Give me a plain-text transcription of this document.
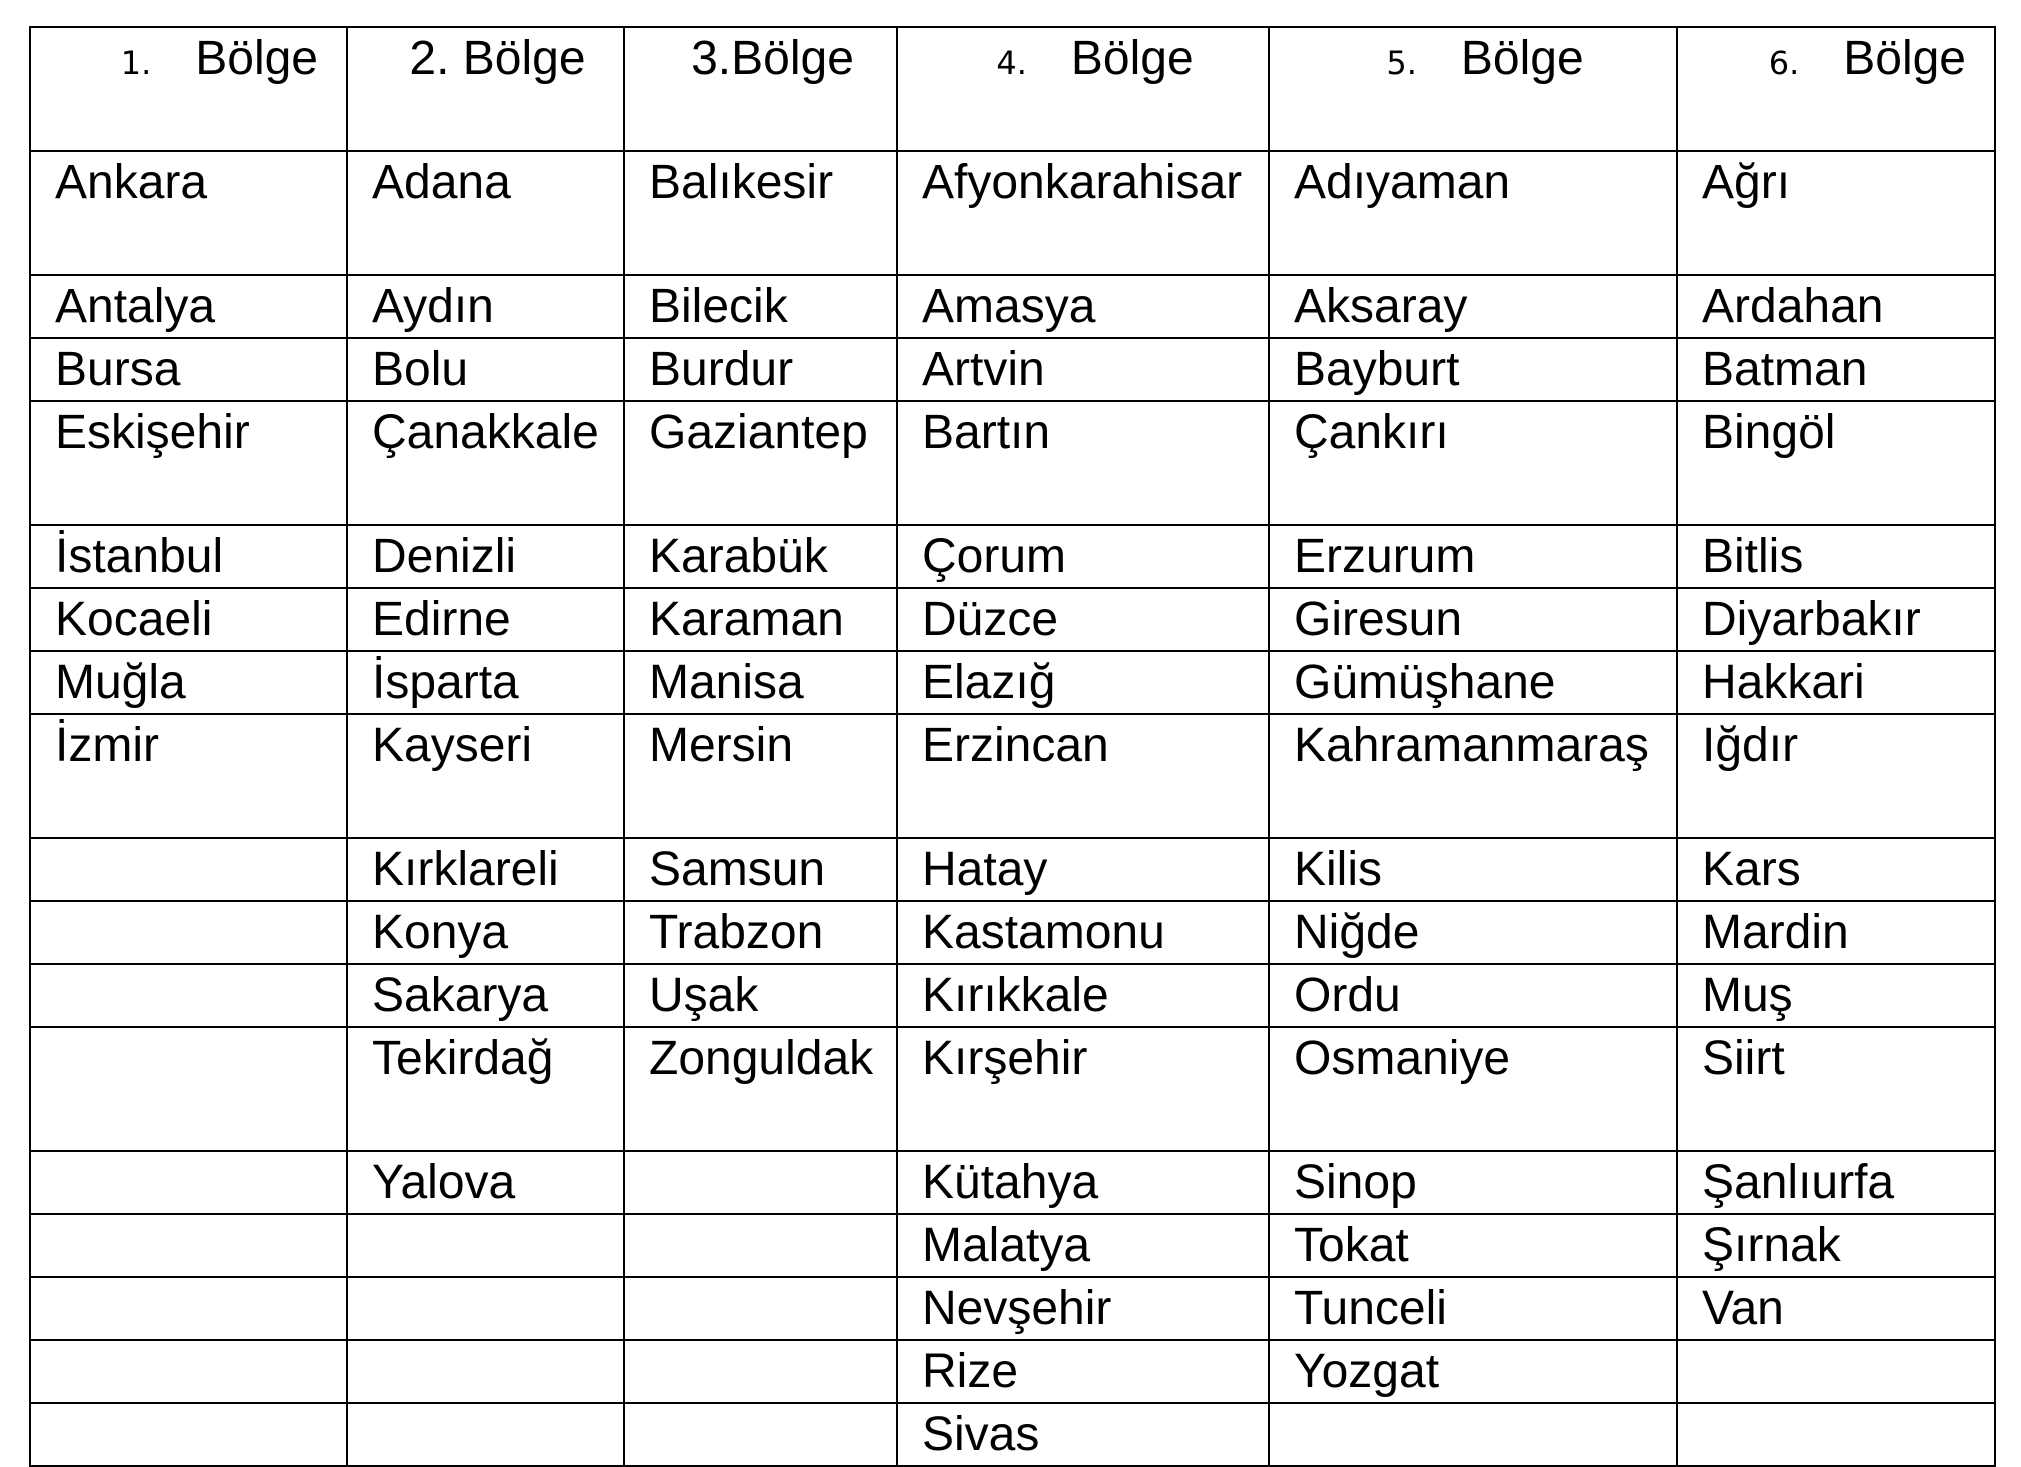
1. Bölge	2. Bölge	3.Bölge	4. Bölge	5. Bölge	6. Bölge
Ankara	Adana	Balıkesir	Afyonkarahisar	Adıyaman	Ağrı
Antalya	Aydın	Bilecik	Amasya	Aksaray	Ardahan
Bursa	Bolu	Burdur	Artvin	Bayburt	Batman
Eskişehir	Çanakkale	Gaziantep	Bartın	Çankırı	Bingöl
İstanbul	Denizli	Karabük	Çorum	Erzurum	Bitlis
Kocaeli	Edirne	Karaman	Düzce	Giresun	Diyarbakır
Muğla	İsparta	Manisa	Elazığ	Gümüşhane	Hakkari
İzmir	Kayseri	Mersin	Erzincan	Kahramanmaraş	Iğdır
	Kırklareli	Samsun	Hatay	Kilis	Kars
	Konya	Trabzon	Kastamonu	Niğde	Mardin
	Sakarya	Uşak	Kırıkkale	Ordu	Muş
	Tekirdağ	Zonguldak	Kırşehir	Osmaniye	Siirt
	Yalova		Kütahya	Sinop	Şanlıurfa
			Malatya	Tokat	Şırnak
			Nevşehir	Tunceli	Van
			Rize	Yozgat	
			Sivas		
